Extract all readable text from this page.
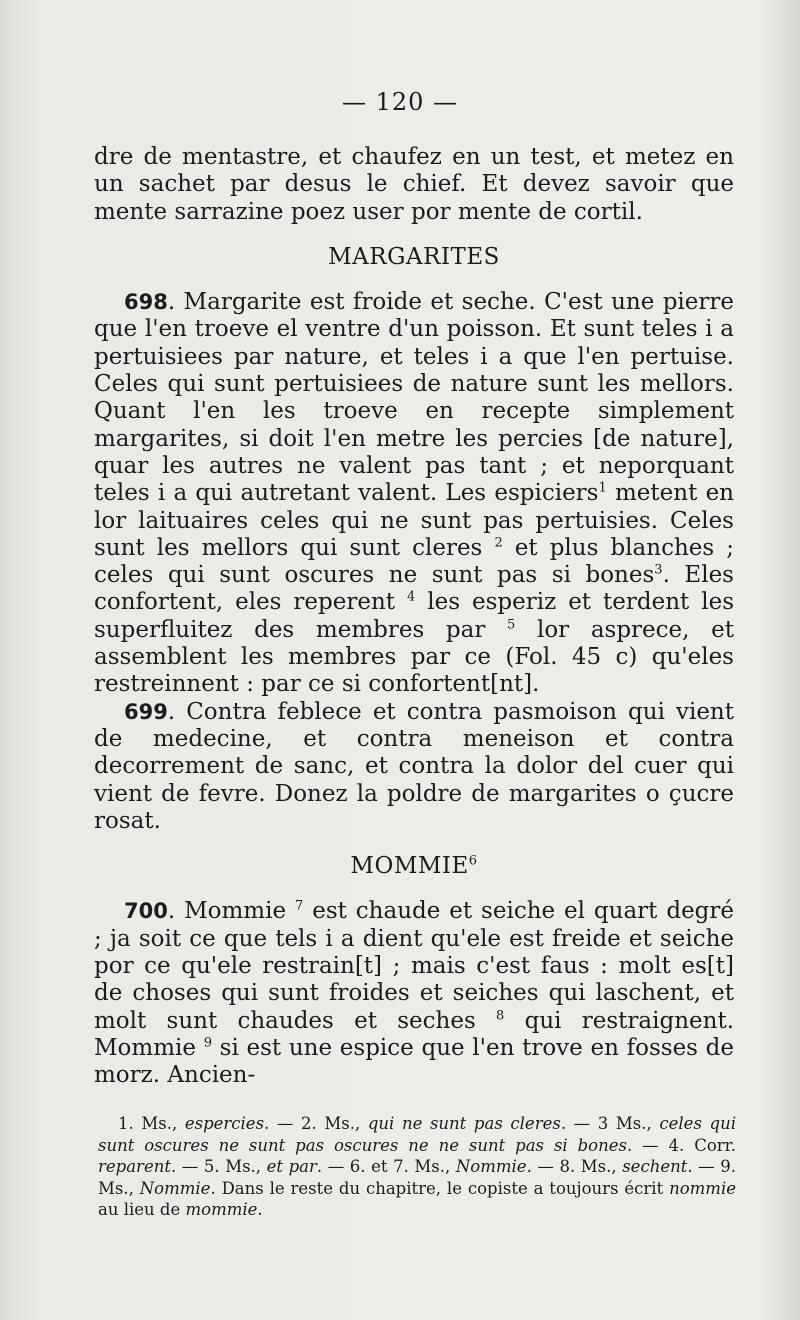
— 120 —

dre de mentastre, et chaufez en un test, et metez en un sachet par desus le chief. Et devez savoir que mente sarrazine poez user por mente de cortil.

MARGARITES

698. Margarite est froide et seche. C'est une pierre que l'en troeve el ventre d'un poisson. Et sunt teles i a pertuisiees par nature, et teles i a que l'en pertuise. Celes qui sunt pertuisiees de nature sunt les mellors. Quant l'en les troeve en recepte simplement margarites, si doit l'en metre les percies [de nature], quar les autres ne valent pas tant ; et neporquant teles i a qui autretant valent. Les espiciers$^1$ metent en lor laituaires celes qui ne sunt pas pertuisies. Celes sunt les mellors qui sunt cleres $^2$ et plus blanches ; celes qui sunt oscures ne sunt pas si bones$^3$. Eles confortent, eles reperent $^4$ les esperiz et terdent les superfluitez des membres par $^5$ lor asprece, et assemblent les membres par ce (Fol. 45 c) qu'eles restreinnent : par ce si confortent[nt].

699. Contra feblece et contra pasmoison qui vient de medecine, et contra meneison et contra decorrement de sanc, et contra la dolor del cuer qui vient de fevre. Donez la poldre de margarites o çucre rosat.

MOMMIE$^6$

700. Mommie $^7$ est chaude et seiche el quart degré ; ja soit ce que tels i a dient qu'ele est freide et seiche por ce qu'ele restrain[t] ; mais c'est faus : molt es[t] de choses qui sunt froides et seiches qui laschent, et molt sunt chaudes et seches $^8$ qui restraignent. Mommie $^9$ si est une espice que l'en trove en fosses de morz. Ancien-

1. Ms., espercies. — 2. Ms., qui ne sunt pas cleres. — 3 Ms., celes qui sunt oscures ne sunt pas oscures ne ne sunt pas si bones. — 4. Corr. reparent. — 5. Ms., et par. — 6. et 7. Ms., Nommie. — 8. Ms., sechent. — 9. Ms., Nommie. Dans le reste du chapitre, le copiste a toujours écrit nommie au lieu de mommie.
